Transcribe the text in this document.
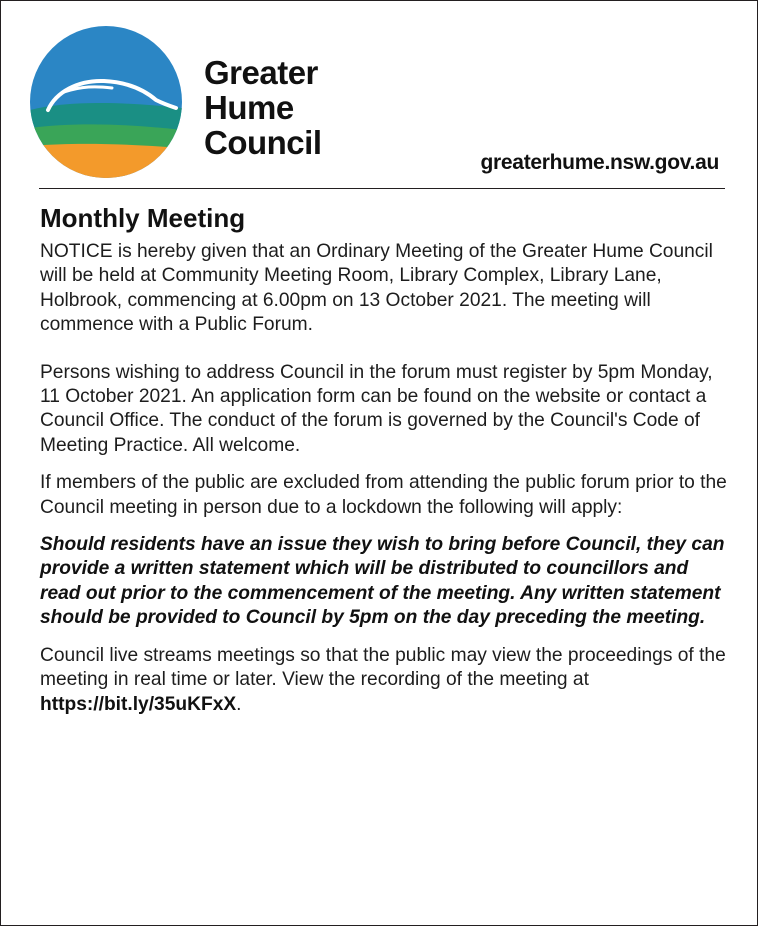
Greater
Hume
Council
greaterhume.nsw.gov.au
Monthly Meeting

NOTICE is hereby given that an Ordinary Meeting of the Greater Hume Council will be held at Community Meeting Room, Library Complex, Library Lane, Holbrook, commencing at 6.00pm on 13 October 2021. The meeting will commence with a Public Forum.

Persons wishing to address Council in the forum must register by 5pm Monday, 11 October 2021. An application form can be found on the website or contact a Council Office. The conduct of the forum is governed by the Council's Code of Meeting Practice. All welcome.

If members of the public are excluded from attending the public forum prior to the Council meeting in person due to a lockdown the following will apply:

Should residents have an issue they wish to bring before Council, they can provide a written statement which will be distributed to councillors and read out prior to the commencement of the meeting. Any written statement should be provided to Council by 5pm on the day preceding the meeting.

Council live streams meetings so that the public may view the proceedings of the meeting in real time or later. View the recording of the meeting at https://bit.ly/35uKFxX.
